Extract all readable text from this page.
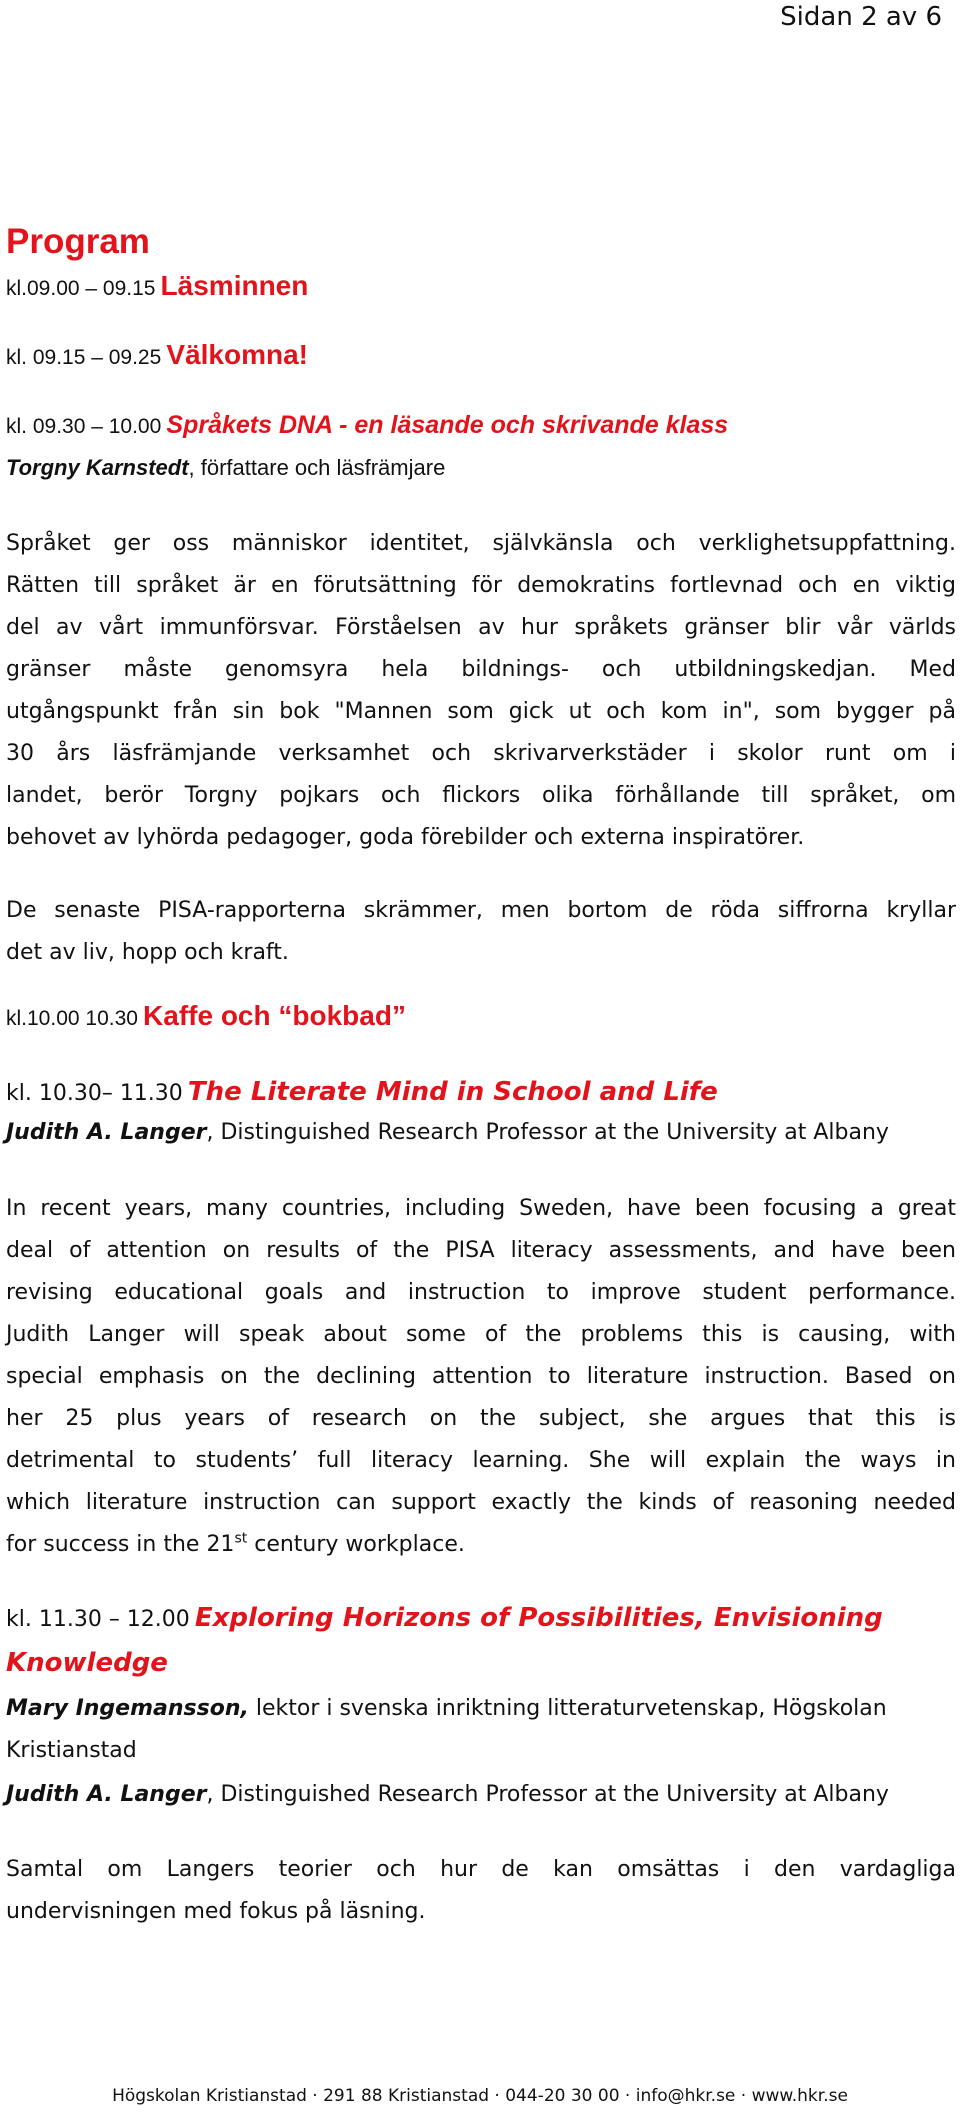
Sidan 2 av 6
Program
kl.09.00 – 09.15 Läsminnen
kl. 09.15 – 09.25 Välkomna!
kl. 09.30 – 10.00 Språkets DNA - en läsande och skrivande klass
Torgny Karnstedt, författare och läsfrämjare
Språket ger oss människor identitet, självkänsla och verklighetsuppfattning.
Rätten till språket är en förutsättning för demokratins fortlevnad och en viktig
del av vårt immunförsvar. Förståelsen av hur språkets gränser blir vår världs
gränser måste genomsyra hela bildnings- och utbildningskedjan. Med
utgångspunkt från sin bok "Mannen som gick ut och kom in", som bygger på
30 års läsfrämjande verksamhet och skrivarverkstäder i skolor runt om i
landet, berör Torgny pojkars och flickors olika förhållande till språket, om
behovet av lyhörda pedagoger, goda förebilder och externa inspiratörer.
De senaste PISA-rapporterna skrämmer, men bortom de röda siffrorna kryllar
det av liv, hopp och kraft.
kl.10.00 10.30 Kaffe och “bokbad”
kl. 10.30– 11.30 The Literate Mind in School and Life
Judith A. Langer, Distinguished Research Professor at the University at Albany
In recent years, many countries, including Sweden, have been focusing a great
deal of attention on results of the PISA literacy assessments, and have been
revising educational goals and instruction to improve student performance.
Judith Langer will speak about some of the problems this is causing, with
special emphasis on the declining attention to literature instruction. Based on
her 25 plus years of research on the subject, she argues that this is
detrimental to students’ full literacy learning. She will explain the ways in
which literature instruction can support exactly the kinds of reasoning needed
for success in the 21st century workplace.
kl. 11.30 – 12.00 Exploring Horizons of Possibilities, Envisioning
Knowledge
Mary Ingemansson, lektor i svenska inriktning litteraturvetenskap, Högskolan
Kristianstad
Judith A. Langer, Distinguished Research Professor at the University at Albany
Samtal om Langers teorier och hur de kan omsättas i den vardagliga
undervisningen med fokus på läsning.
Högskolan Kristianstad · 291 88 Kristianstad · 044-20 30 00 · info@hkr.se · www.hkr.se
